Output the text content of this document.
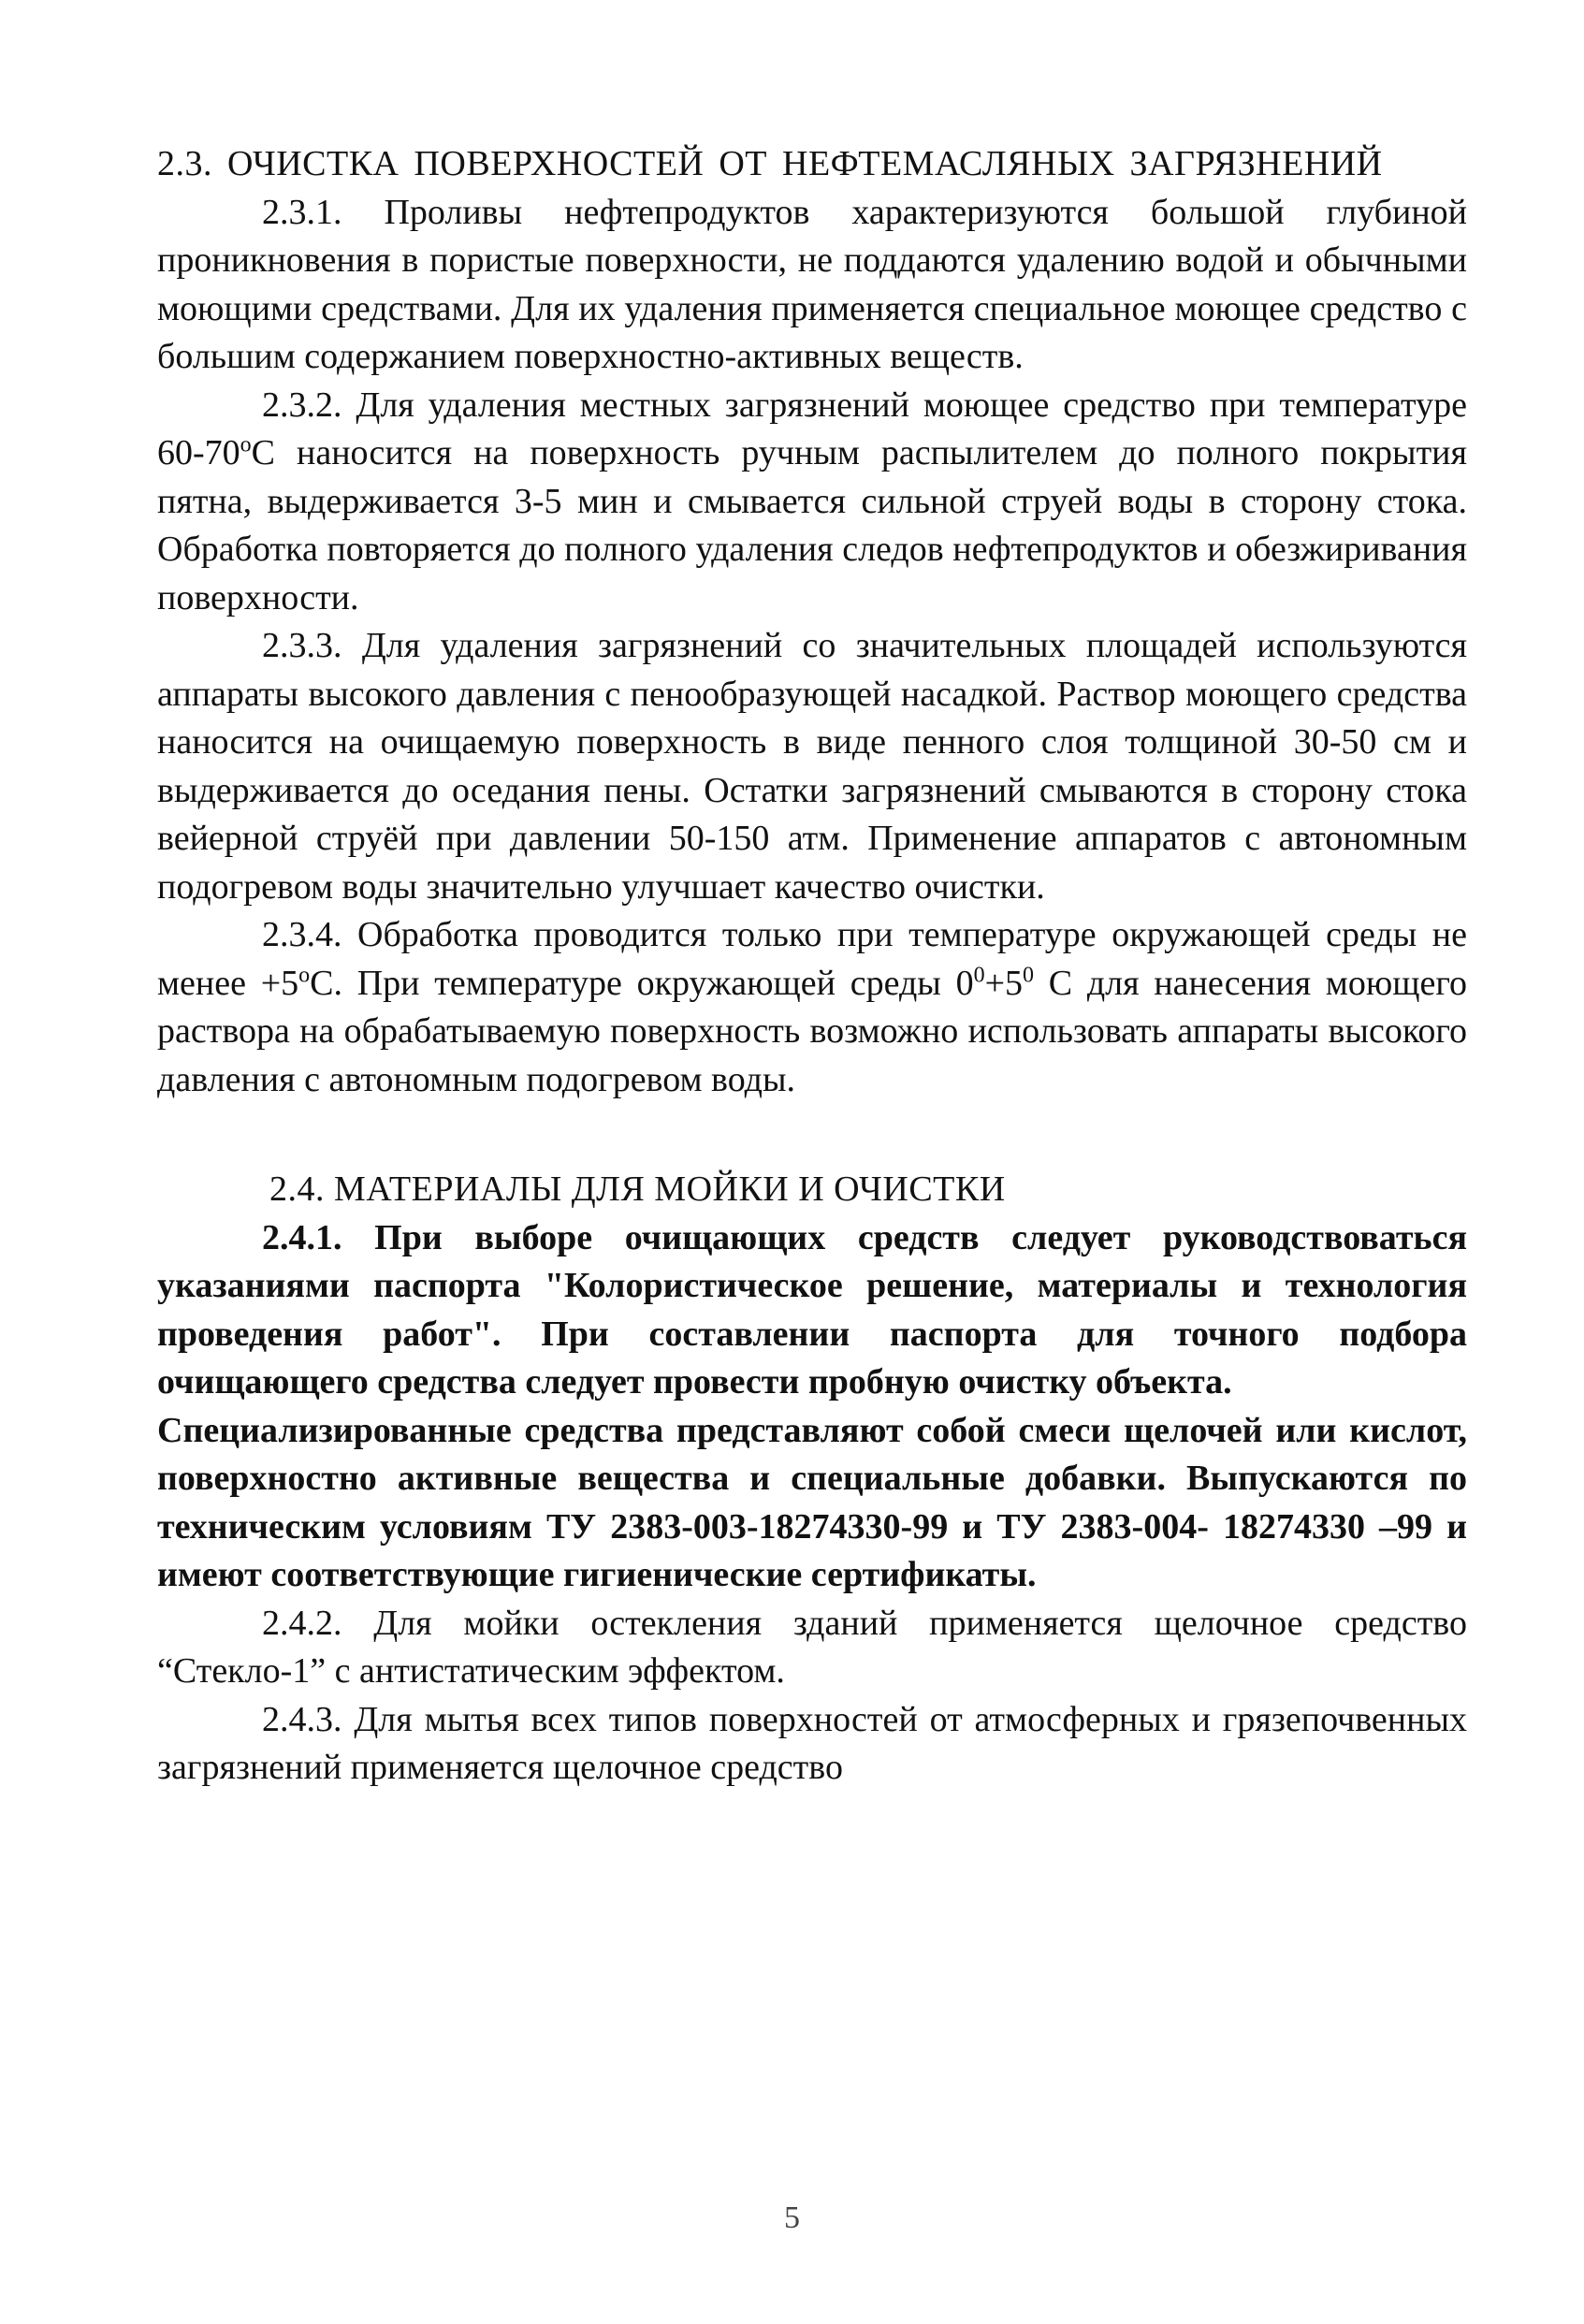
2.3. ОЧИСТКА ПОВЕРХНОСТЕЙ ОТ НЕФТЕМАСЛЯНЫХ ЗАГРЯЗНЕНИЙ

2.3.1. Проливы нефтепродуктов характеризуются большой глубиной проникновения в пористые поверхности, не поддаются удалению водой и обычными моющими средствами. Для их удаления применяется специальное моющее средство с большим содержанием поверхностно-активных веществ.

2.3.2. Для удаления местных загрязнений моющее средство при температуре $60-70^оС$ наносится на поверхность ручным распылителем до полного покрытия пятна, выдерживается 3-5 мин и смывается сильной струей воды в сторону стока. Обработка повторяется до полного удаления следов нефтепродуктов и обезжиривания поверхности.

2.3.3. Для удаления загрязнений со значительных площадей используются аппараты высокого давления с пенообразующей насадкой. Раствор моющего средства наносится на очищаемую поверхность в виде пенного слоя толщиной 30-50 см и выдерживается до оседания пены. Остатки загрязнений смываются в сторону стока вейерной струёй при давлении 50-150 атм. Применение аппаратов с автономным подогревом воды значительно улучшает качество очистки.

2.3.4. Обработка проводится только при температуре окружающей среды не менее $+5^оС$. При температуре окружающей среды $0^0+5^0$ С для нанесения моющего раствора на обрабатываемую поверхность возможно использовать аппараты высокого давления с автономным подогревом воды.

2.4. МАТЕРИАЛЫ ДЛЯ МОЙКИ И ОЧИСТКИ

2.4.1. При выборе очищающих средств следует руководствоваться указаниями паспорта "Колористическое решение, материалы и технология проведения работ". При составлении паспорта для точного подбора очищающего средства следует провести пробную очистку объекта.

Специализированные средства представляют собой смеси щелочей или кислот, поверхностно активные вещества и специальные добавки. Выпускаются по техническим условиям ТУ 2383-003-18274330-99 и ТУ 2383-004- 18274330 –99 и имеют соответствующие гигиенические сертификаты.

2.4.2. Для мойки остекления зданий применяется щелочное средство “Стекло-1” с антистатическим эффектом.

2.4.3. Для мытья всех типов поверхностей от атмосферных и грязепочвенных загрязнений применяется щелочное средство

5
